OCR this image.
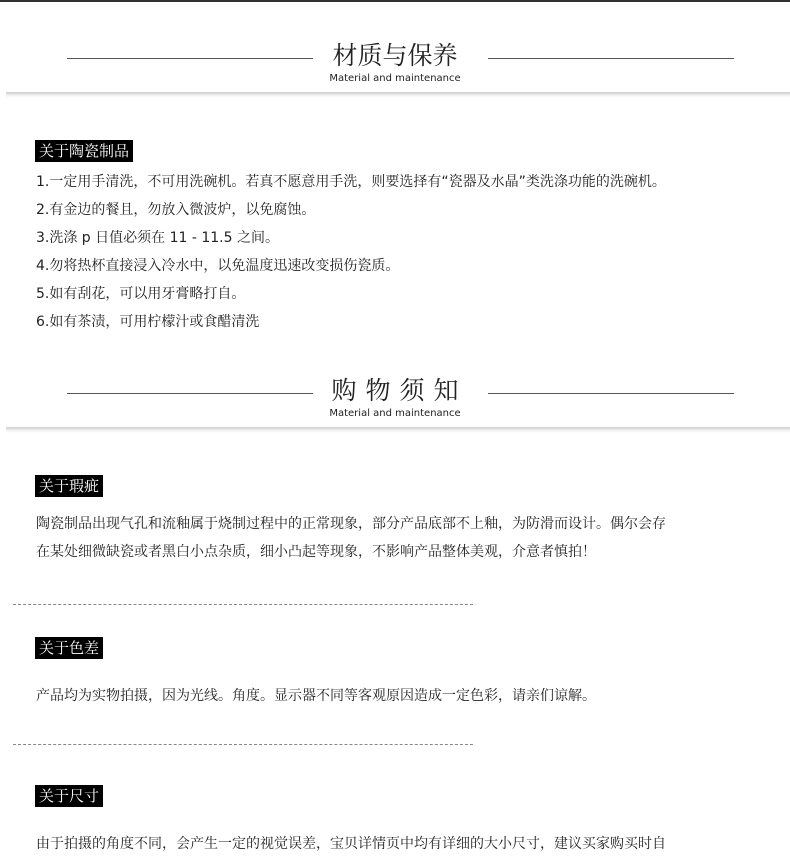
材质与保养
Material and maintenance
关于陶瓷制品
1.一定用手清洗，不可用洗碗机。若真不愿意用手洗，则要选择有“瓷器及水晶”类洗涤功能的洗碗机。
2.有金边的餐且，勿放入微波炉，以免腐蚀。
3.洗涤 p 日值必须在 11 - 11.5 之间。
4.勿将热杯直接浸入冷水中，以免温度迅速改变损伤瓷质。
5.如有刮花，可以用牙膏略打自。
6.如有茶渍，可用柠檬汁或食醋清洗
购物须知
Material and maintenance
关于瑕疵
陶瓷制品出现气孔和流釉属于烧制过程中的正常现象，部分产品底部不上釉，为防滑而设计。偶尔会存
在某处细微缺瓷或者黑白小点杂质，细小凸起等现象，不影响产品整体美观，介意者慎拍！
关于色差
产品均为实物拍摄，因为光线。角度。显示器不同等客观原因造成一定色彩，请亲们谅解。
关于尺寸
由于拍摄的角度不同，会产生一定的视觉误差，宝贝详情页中均有详细的大小尺寸，建议买家购买时自
